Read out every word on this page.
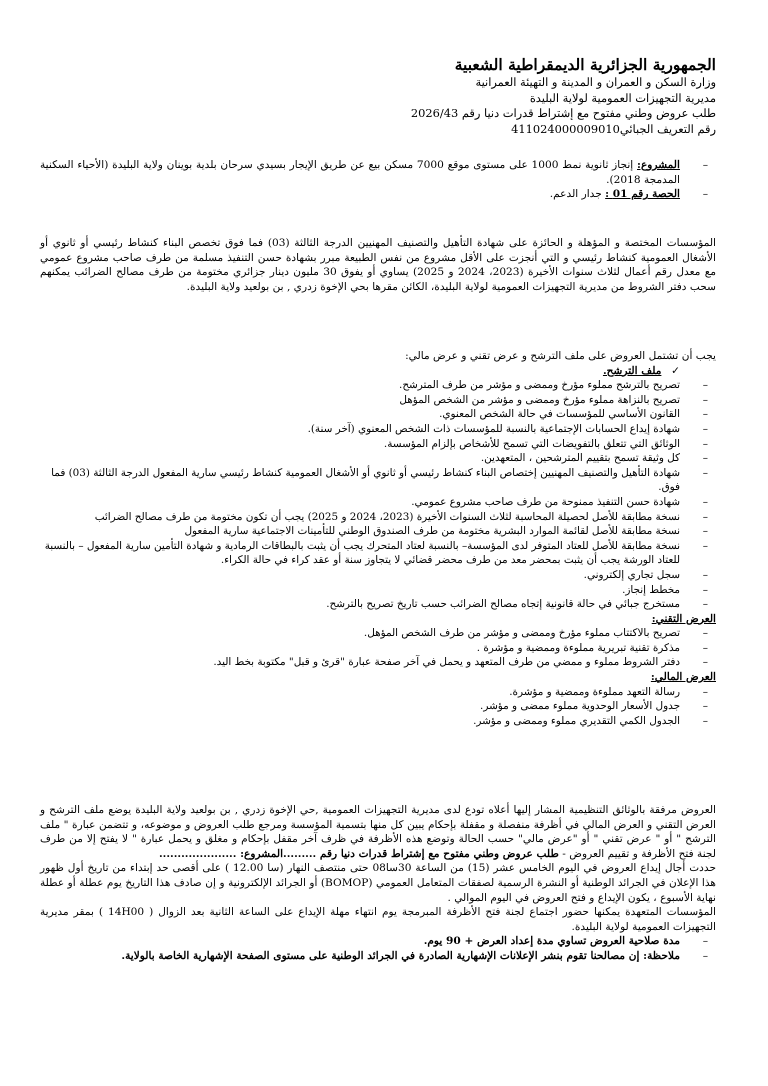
الجمهورية الجزائرية الديمقراطية الشعبية
وزارة السكن و العمران و المدينة و التهيئة العمرانية
مديرية التجهيزات العمومية لولاية البليدة
طلب عروض وطني مفتوح مع إشتراط قدرات دنيا رقم 2026/43
رقم التعريف الجبائي411024000009010

– المشروع: إنجاز ثانوية نمط 1000 على مستوى موقع 7000 مسكن بيع عن طريق الإيجار بسيدي سرحان بلدية بوينان ولاية البليدة (الأحياء السكنية المدمجة 2018).

– الحصة رقم 01 : جدار الدعم.

المؤسسات المختصة و المؤهلة و الحائزة على شهادة التأهيل والتصنيف المهنيين الدرجة الثالثة (03) فما فوق تخصص البناء كنشاط رئيسي أو ثانوي أو الأشغال العمومية كنشاط رئيسي و التي أنجزت على الأقل مشروع من نفس الطبيعة مبرر بشهادة حسن التنفيذ مسلمة من طرف صاحب مشروع عمومي مع معدل رقم أعمال لثلاث سنوات الأخيرة (2023، 2024 و 2025) يساوي أو يفوق 30 مليون دينار جزائري مختومة من طرف مصالح الضرائب يمكنهم سحب دفتر الشروط من مديرية التجهيزات العمومية لولاية البليدة، الكائن مقرها بحي الإخوة زدري , بن بولعيد ولاية البليدة.

يجب أن تشتمل العروض على ملف الترشح و عرض تقني و عرض مالي:

✓ ملف الترشح.
– تصريح بالترشح مملوء مؤرخ وممضى و مؤشر من طرف المترشح.
– تصريح بالنزاهة مملوء مؤرخ وممضى و مؤشر من الشخص المؤهل
– القانون الأساسي للمؤسسات في حالة الشخص المعنوي.
– شهادة إيداع الحسابات الإجتماعية بالنسبة للمؤسسات ذات الشخص المعنوي (آخر سنة).
– الوثائق التي تتعلق بالتفويضات التي تسمح للأشخاص بإلزام المؤسسة.
– كل وثيقة تسمح بتقييم المترشحين ، المتعهدين.
– شهادة التأهيل والتصنيف المهنيين إختصاص البناء كنشاط رئيسي أو ثانوي أو الأشغال العمومية كنشاط رئيسي سارية المفعول الدرجة الثالثة (03) فما فوق.
– شهادة حسن التنفيذ ممنوحة من طرف صاحب مشروع عمومي.
– نسخة مطابقة للأصل لحصيلة المحاسبة لثلاث السنوات الأخيرة (2023، 2024 و 2025) يجب أن تكون مختومة من طرف مصالح الضرائب
– نسخة مطابقة للأصل لقائمة الموارد البشرية مختومة من طرف الصندوق الوطني للتأمينات الاجتماعية سارية المفعول
– نسخة مطابقة للأصل للعتاد المتوفر لدى المؤسسة– بالنسبة لعتاد المتحرك يجب أن يثبت بالبطاقات الرمادية و شهادة التأمين سارية المفعول – بالنسبة للعتاد الورشة يجب أن يثبت بمحضر معد من طرف محضر قضائي لا يتجاوز سنة أو عقد كراء في حالة الكراء.
– سجل تجاري إلكتروني.
– مخطط إنجاز.
– مستخرج جبائي في حالة قانونية إتجاه مصالح الضرائب حسب تاريخ تصريح بالترشح.
العرض التقني:
– تصريح بالاكتتاب مملوء مؤرخ وممضى و مؤشر من طرف الشخص المؤهل.
– مذكرة تقنية تبريرية مملوءة وممضية و مؤشرة .
– دفتر الشروط مملوء و ممضي من طرف المتعهد و يحمل في آخر صفحة عبارة "قرئ و قبل" مكتوبة بخط اليد.
العرض المالي:
– رسالة التعهد مملوءة وممضية و مؤشرة.
– جدول الأسعار الوحدوية مملوء ممضى و مؤشر.
– الجدول الكمي التقديري مملوء وممضى و مؤشر.

العروض مرفقة بالوثائق التنظيمية المشار إليها أعلاه تودع لدى مديرية التجهيزات العمومية ,حي الإخوة زدري , بن بولعيد ولاية البليدة يوضع ملف الترشح و العرض التقني و العرض المالي في أظرفة منفصلة و مقفلة بإحكام يبين كل منها بتسمية المؤسسة ومرجع طلب العروض و موضوعه، و تتضمن عبارة " ملف الترشح " أو " عرض تقني " أو "عرض مالي" حسب الحالة وتوضع هذه الأظرفة في ظرف آخر مقفل بإحكام و مغلق و يحمل عبارة " لا يفتح إلا من طرف لجنة فتح الأظرفة و تقييم العروض - طلب عروض وطني مفتوح مع إشتراط قدرات دنيا رقم .........المشروع: .....................

حددت أجال إيداع العروض في اليوم الخامس عشر (15) من الساعة 30سا08 حتى منتصف النهار (سا 12.00 ) على أقصى حد إبتداء من تاريخ أول ظهور هذا الإعلان في الجرائد الوطنية أو النشرة الرسمية لصفقات المتعامل العمومي (BOMOP) أو الجرائد الإلكترونية و إن صادف هذا التاريخ يوم عطلة أو عطلة نهاية الأسبوع ، يكون الإيداع و فتح العروض في اليوم الموالي .

المؤسسات المتعهدة يمكنها حضور اجتماع لجنة فتح الأظرفة المبرمجة يوم انتهاء مهلة الإيداع على الساعة الثانية بعد الزوال ( 14H00 ) بمقر مديرية التجهيزات العمومية لولاية البليدة.

– مدة صلاحية العروض تساوي مدة إعداد العرض + 90 يوم.
– ملاحظة: إن مصالحنا تقوم بنشر الإعلانات الإشهارية الصادرة في الجرائد الوطنية على مستوى الصفحة الإشهارية الخاصة بالولاية.
